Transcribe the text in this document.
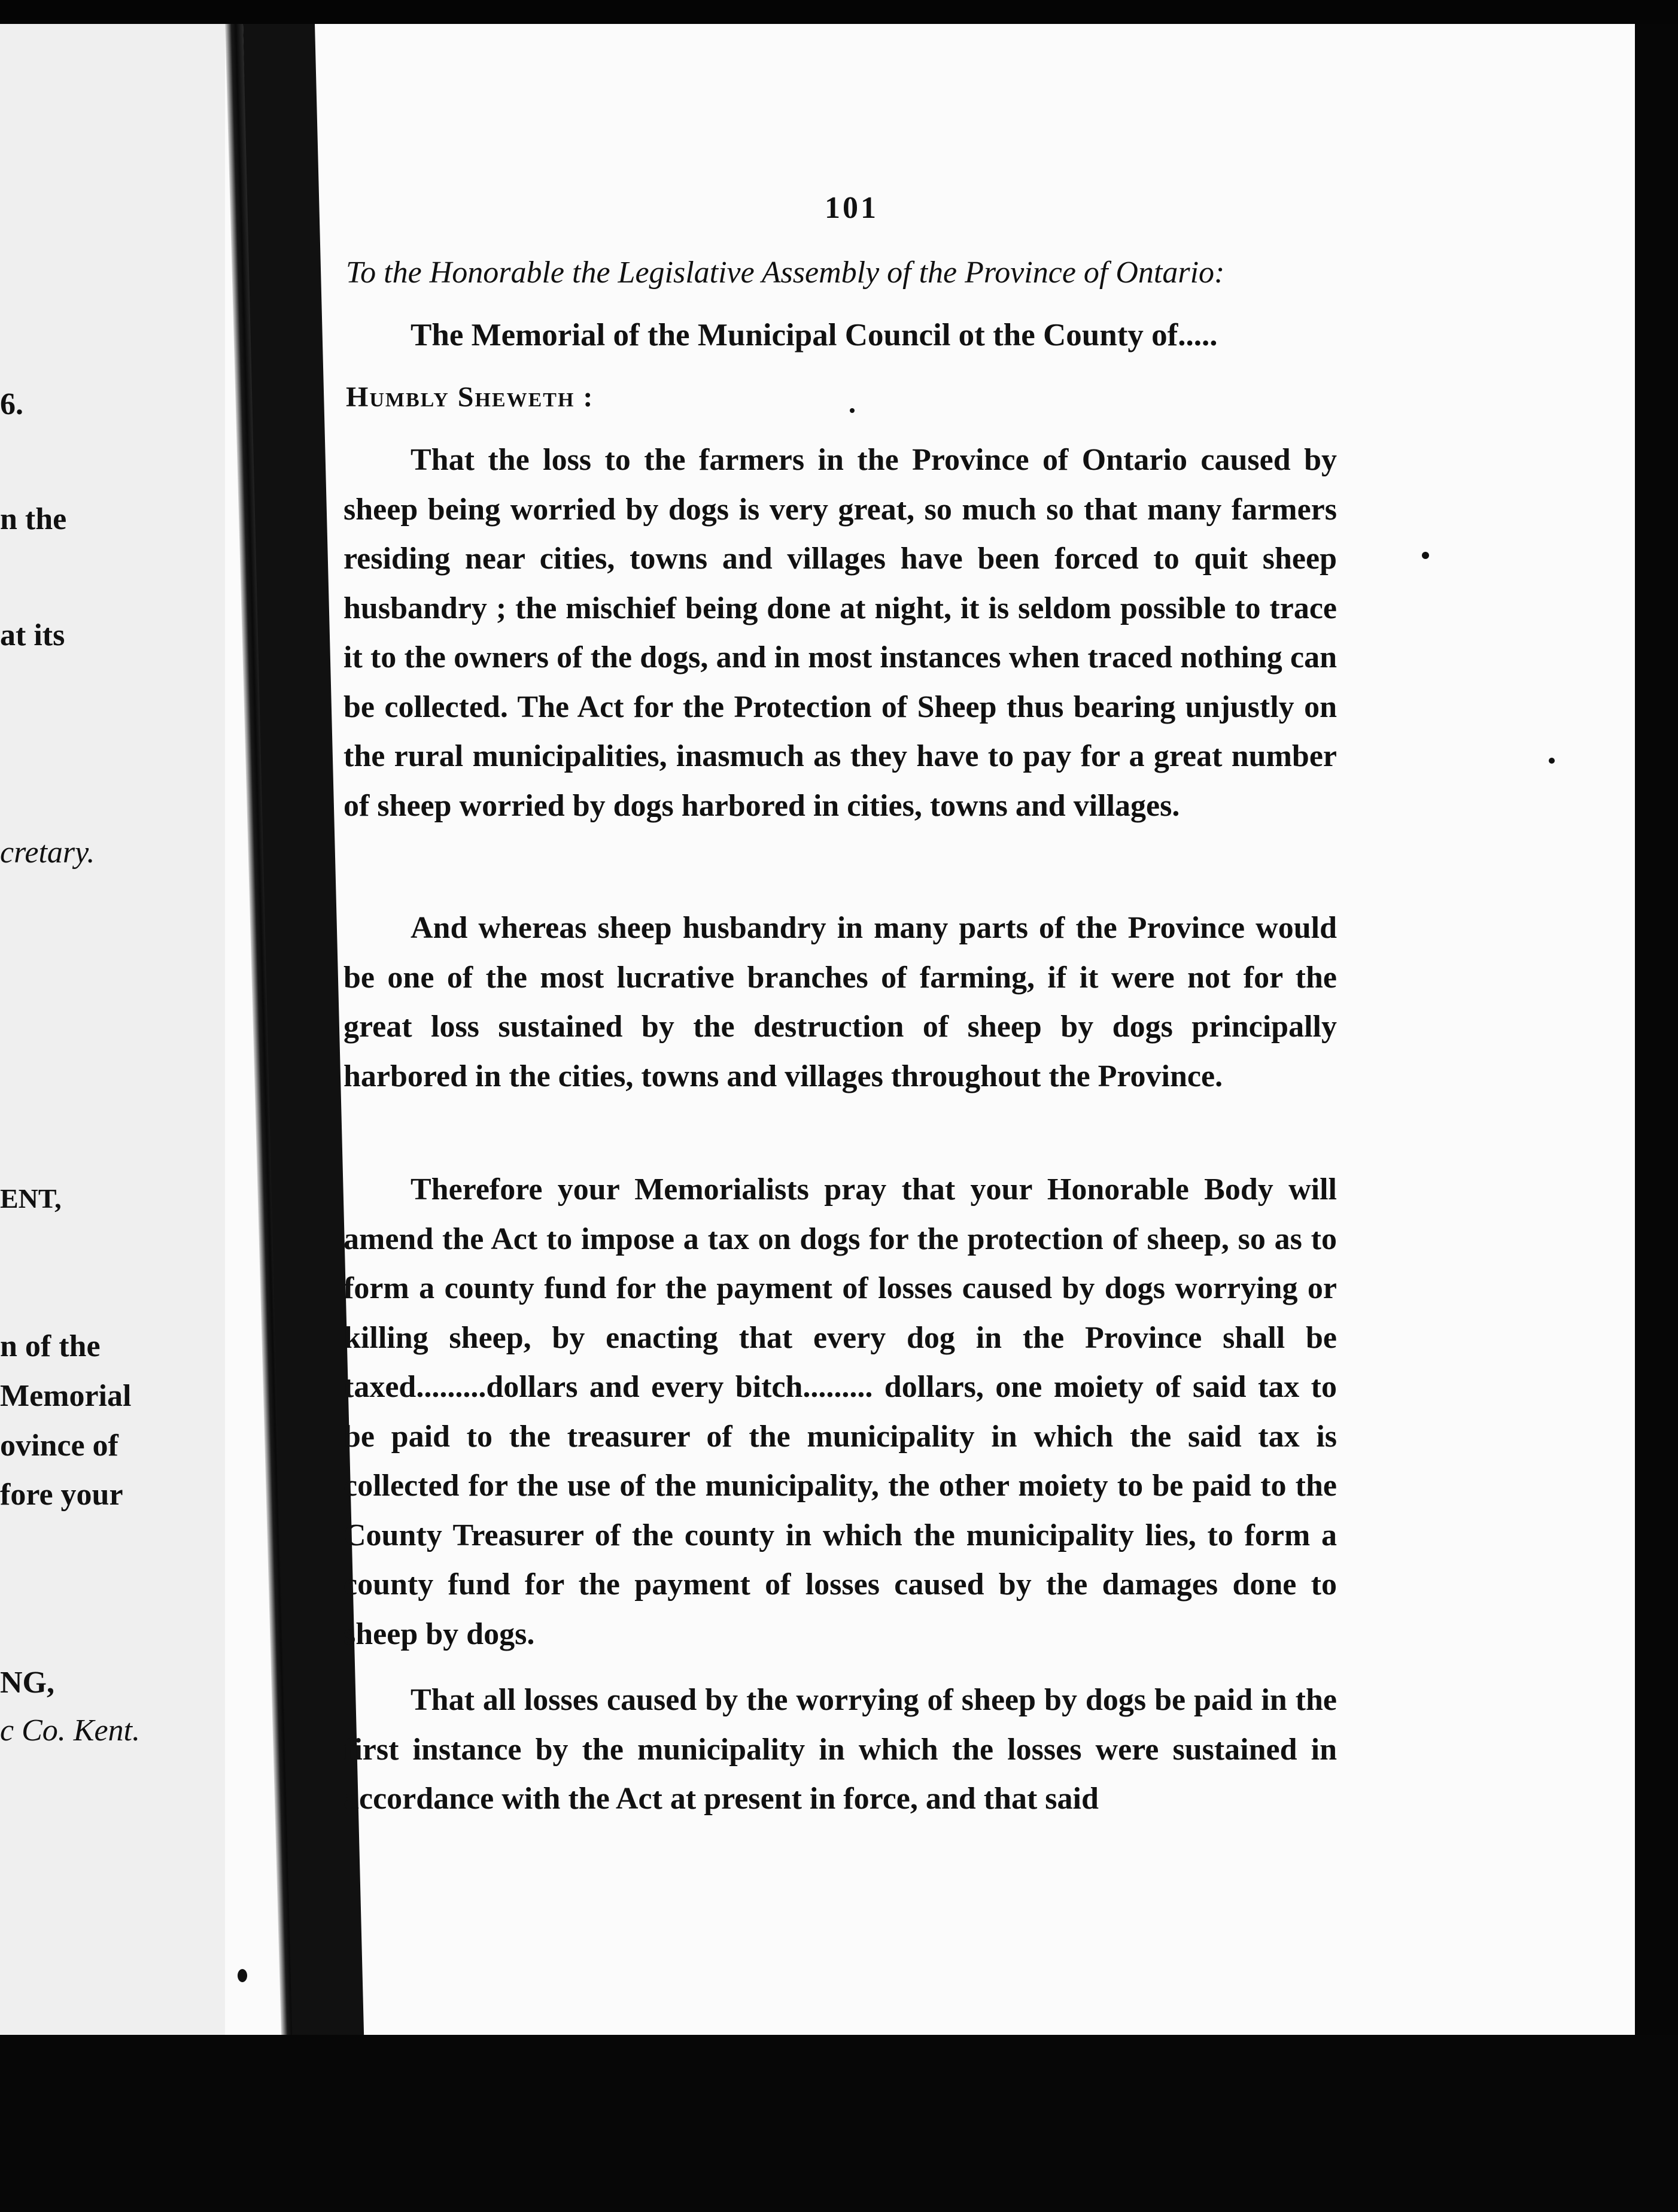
6.
n the
at its
cretary.
ENT,
n of the
Memorial
ovince of
fore your
NG,
c Co. Kent.
101
To the Honorable the Legislative Assembly of the Province of Ontario:
The Memorial of the Municipal Council ot the County of.....
Humbly Sheweth :

That the loss to the farmers in the Province of Ontario caused by sheep being worried by dogs is very great, so much so that many farmers residing near cities, towns and villages have been forced to quit sheep husbandry ; the mischief being done at night, it is seldom possible to trace it to the owners of the dogs, and in most instances when traced nothing can be collected. The Act for the Protection of Sheep thus bearing unjustly on the rural municipalities, inasmuch as they have to pay for a great number of sheep worried by dogs harbored in cities, towns and villages.

And whereas sheep husbandry in many parts of the Province would be one of the most lucrative branches of farming, if it were not for the great loss sustained by the destruction of sheep by dogs principally harbored in the cities, towns and villages throughout the Province.

Therefore your Memorialists pray that your Honorable Body will amend the Act to impose a tax on dogs for the protection of sheep, so as to form a county fund for the payment of losses caused by dogs worrying or killing sheep, by enacting that every dog in the Province shall be taxed.........dollars and every bitch......... dollars, one moiety of said tax to be paid to the treasurer of the municipality in which the said tax is collected for the use of the municipality, the other moiety to be paid to the County Treasurer of the county in which the municipality lies, to form a county fund for the payment of losses caused by the damages done to sheep by dogs.

That all losses caused by the worrying of sheep by dogs be paid in the first instance by the municipality in which the losses were sustained in accordance with the Act at present in force, and that said
